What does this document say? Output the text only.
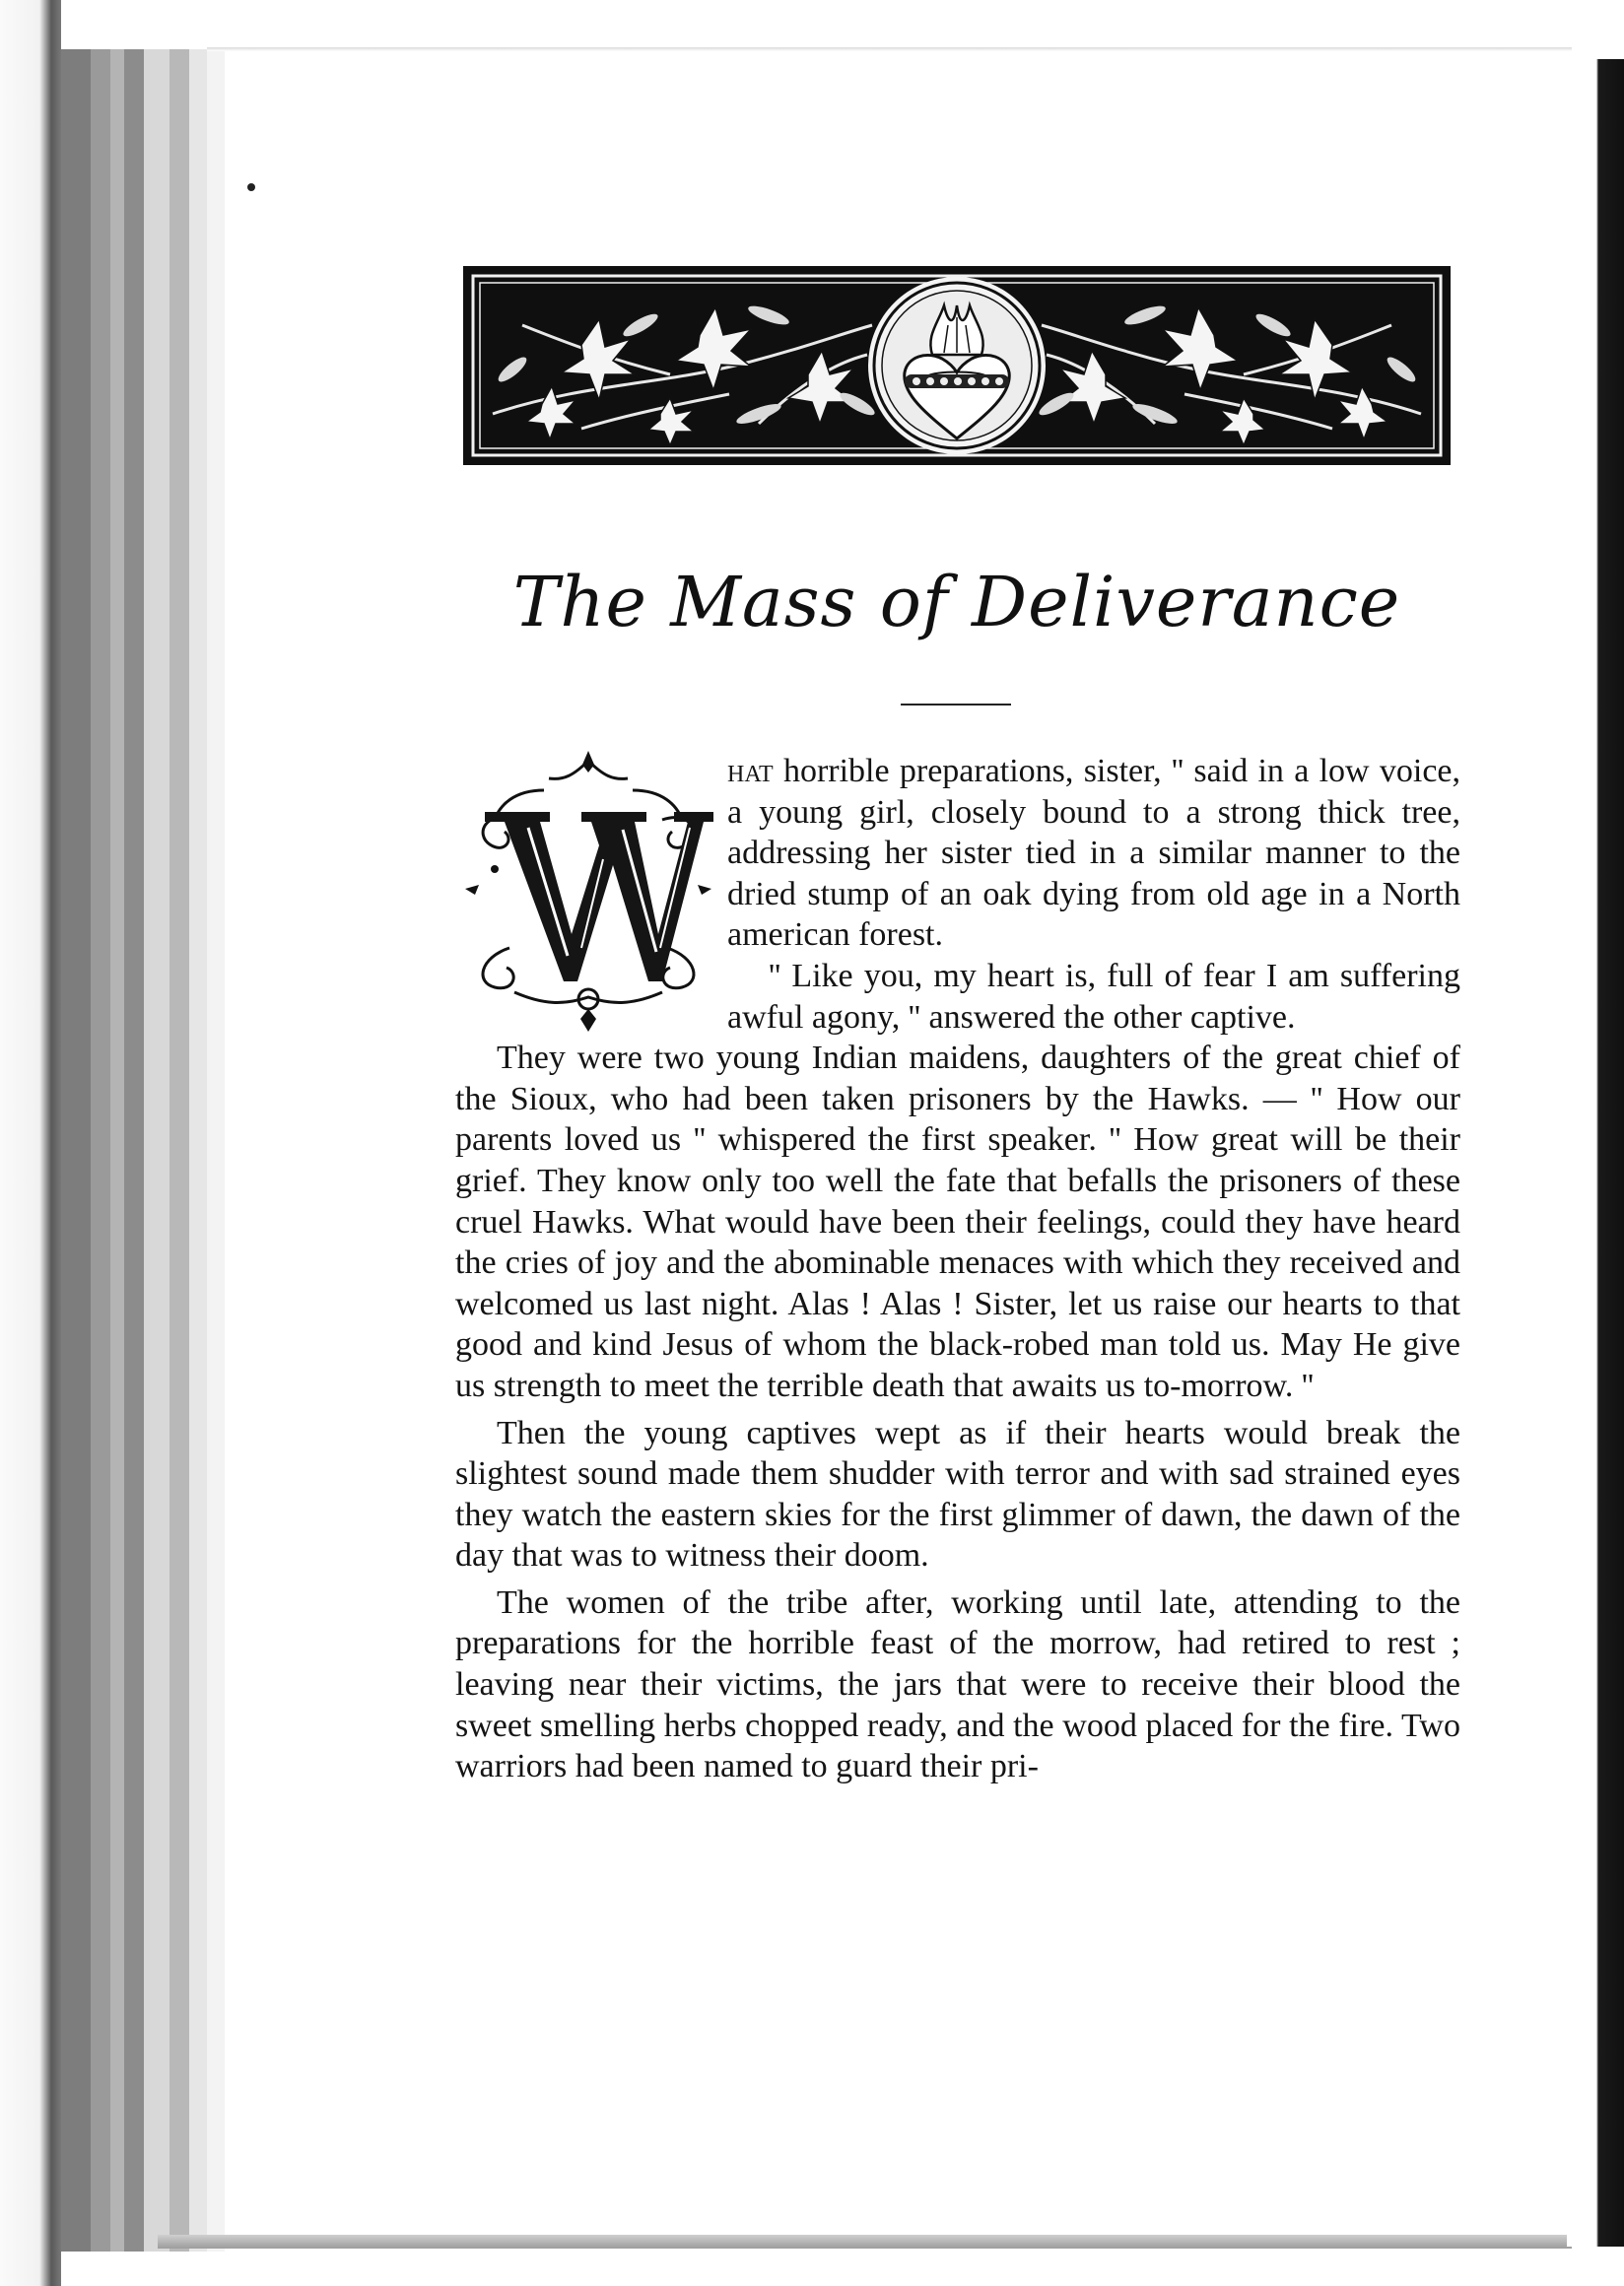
The Mass of Deliverance

hat horrible preparations, sister, '' said in a low voice, a young girl, closely bound to a strong thick tree, addressing her sister tied in a similar manner to the dried stump of an oak dying from old age in a North american forest.

'' Like you, my heart is, full of fear I am suffering awful agony, '' answered the other captive.

They were two young Indian maidens, daughters of the great chief of the Sioux, who had been taken prisoners by the Hawks. — '' How our parents loved us '' whispered the first speaker. '' How great will be their grief. They know only too well the fate that befalls the prisoners of these cruel Hawks. What would have been their feelings, could they have heard the cries of joy and the abominable menaces with which they received and welcomed us last night. Alas ! Alas ! Sister, let us raise our hearts to that good and kind Jesus of whom the black-robed man told us. May He give us strength to meet the terrible death that awaits us to-morrow. ''

Then the young captives wept as if their hearts would break the slightest sound made them shudder with terror and with sad strained eyes they watch the eastern skies for the first glimmer of dawn, the dawn of the day that was to witness their doom.

The women of the tribe after, working until late, attending to the preparations for the horrible feast of the morrow, had retired to rest ; leaving near their victims, the jars that were to receive their blood the sweet smelling herbs chopped ready, and the wood placed for the fire. Two warriors had been named to guard their pri-
